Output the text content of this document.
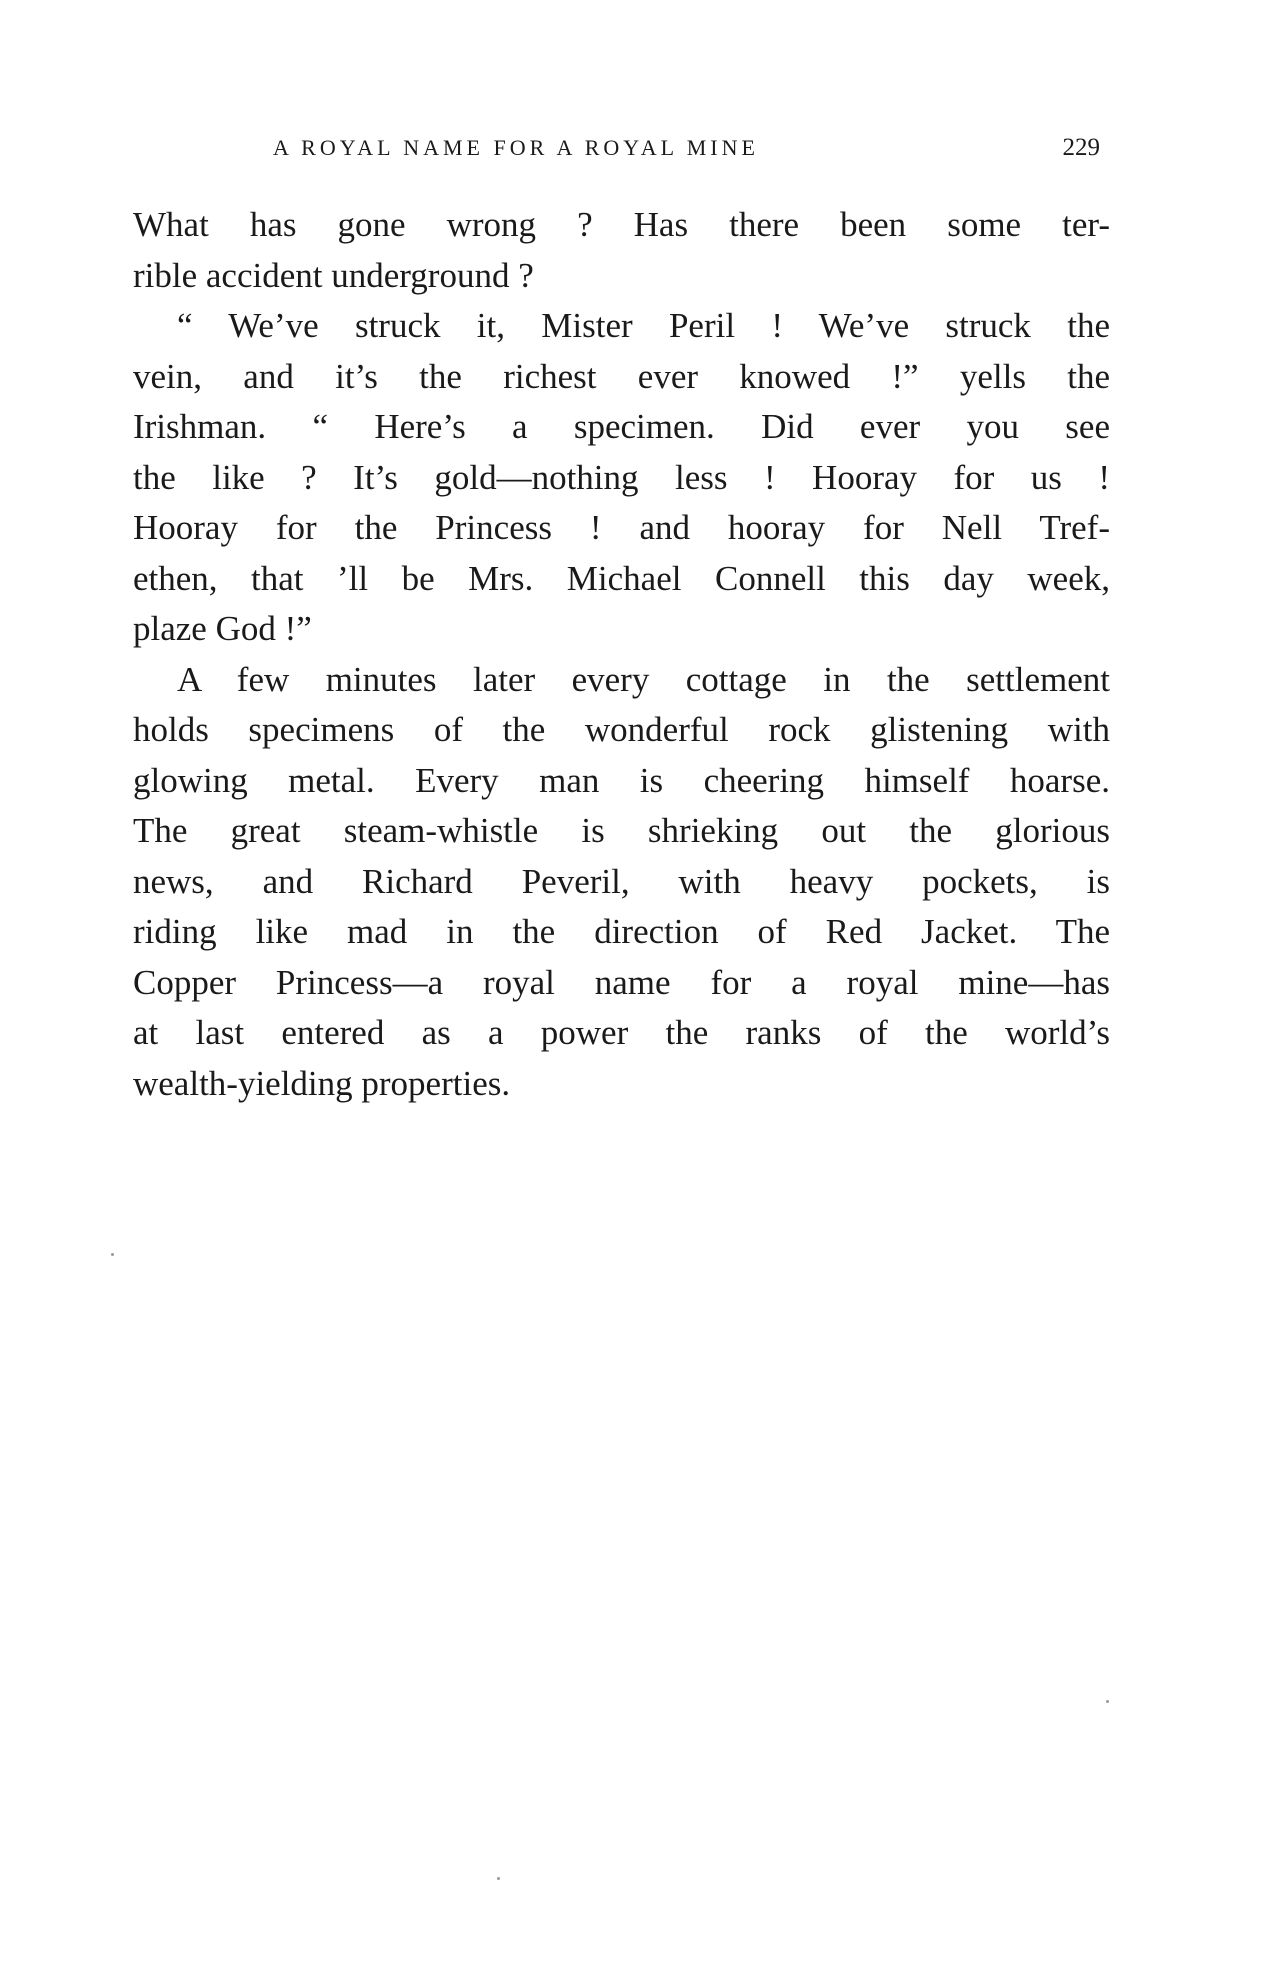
A ROYAL NAME FOR A ROYAL MINE	229
What has gone wrong ? Has there been some ter-
rible accident underground ?
“ We’ve struck it, Mister Peril ! We’ve struck the
vein, and it’s the richest ever knowed !” yells the
Irishman. “ Here’s a specimen. Did ever you see
the like ? It’s gold—nothing less ! Hooray for us !
Hooray for the Princess ! and hooray for Nell Tref-
ethen, that ’ll be Mrs. Michael Connell this day week,
plaze God !”
A few minutes later every cottage in the settlement
holds specimens of the wonderful rock glistening with
glowing metal. Every man is cheering himself hoarse.
The great steam-whistle is shrieking out the glorious
news, and Richard Peveril, with heavy pockets, is
riding like mad in the direction of Red Jacket. The
Copper Princess—a royal name for a royal mine—has
at last entered as a power the ranks of the world’s
wealth-yielding properties.
